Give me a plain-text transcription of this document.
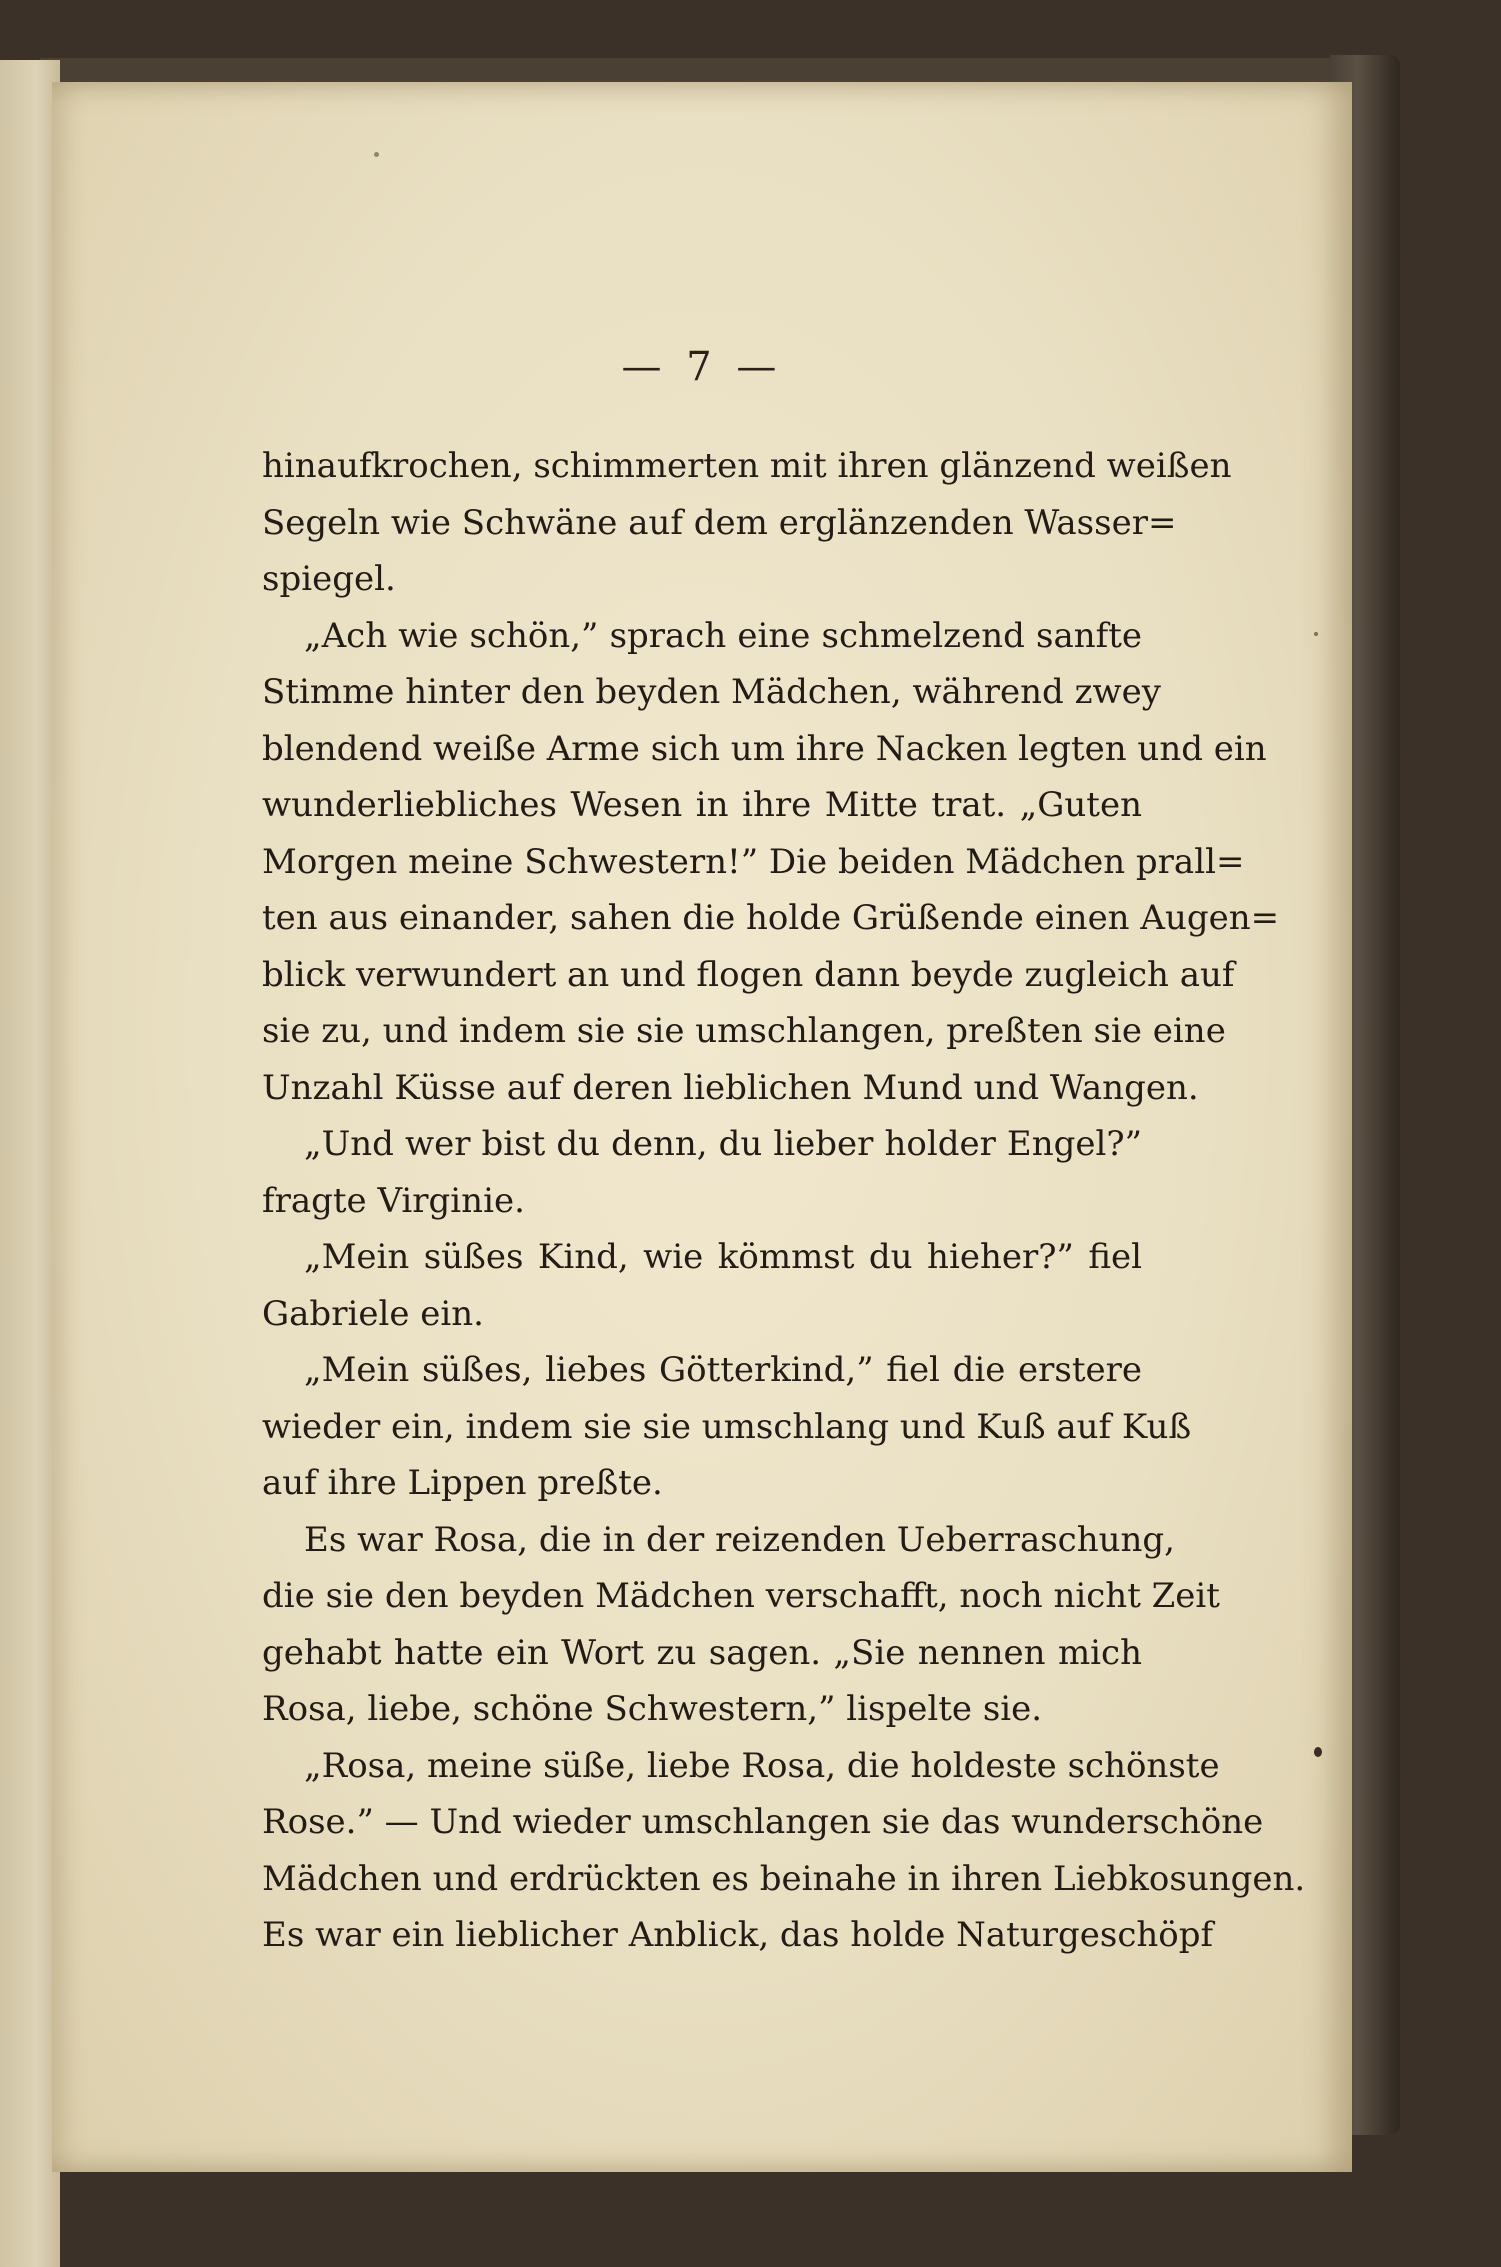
— 7 —
hinaufkrochen, schimmerten mit ihren glänzend weißen
Segeln wie Schwäne auf dem erglänzenden Wasser=
spiegel.
„Ach wie schön,” sprach eine schmelzend sanfte
Stimme hinter den beyden Mädchen, während zwey
blendend weiße Arme sich um ihre Nacken legten und ein
wunderliebliches Wesen in ihre Mitte trat. „Guten
Morgen meine Schwestern!” Die beiden Mädchen prall=
ten aus einander, sahen die holde Grüßende einen Augen=
blick verwundert an und flogen dann beyde zugleich auf
sie zu, und indem sie sie umschlangen, preßten sie eine
Unzahl Küsse auf deren lieblichen Mund und Wangen.
„Und wer bist du denn, du lieber holder Engel?”
fragte Virginie.
„Mein süßes Kind, wie kömmst du hieher?” fiel
Gabriele ein.
„Mein süßes, liebes Götterkind,” fiel die erstere
wieder ein, indem sie sie umschlang und Kuß auf Kuß
auf ihre Lippen preßte.
Es war Rosa, die in der reizenden Ueberraschung,
die sie den beyden Mädchen verschafft, noch nicht Zeit
gehabt hatte ein Wort zu sagen. „Sie nennen mich
Rosa, liebe, schöne Schwestern,” lispelte sie.
„Rosa, meine süße, liebe Rosa, die holdeste schönste
Rose.” — Und wieder umschlangen sie das wunderschöne
Mädchen und erdrückten es beinahe in ihren Liebkosungen.
Es war ein lieblicher Anblick, das holde Naturgeschöpf
